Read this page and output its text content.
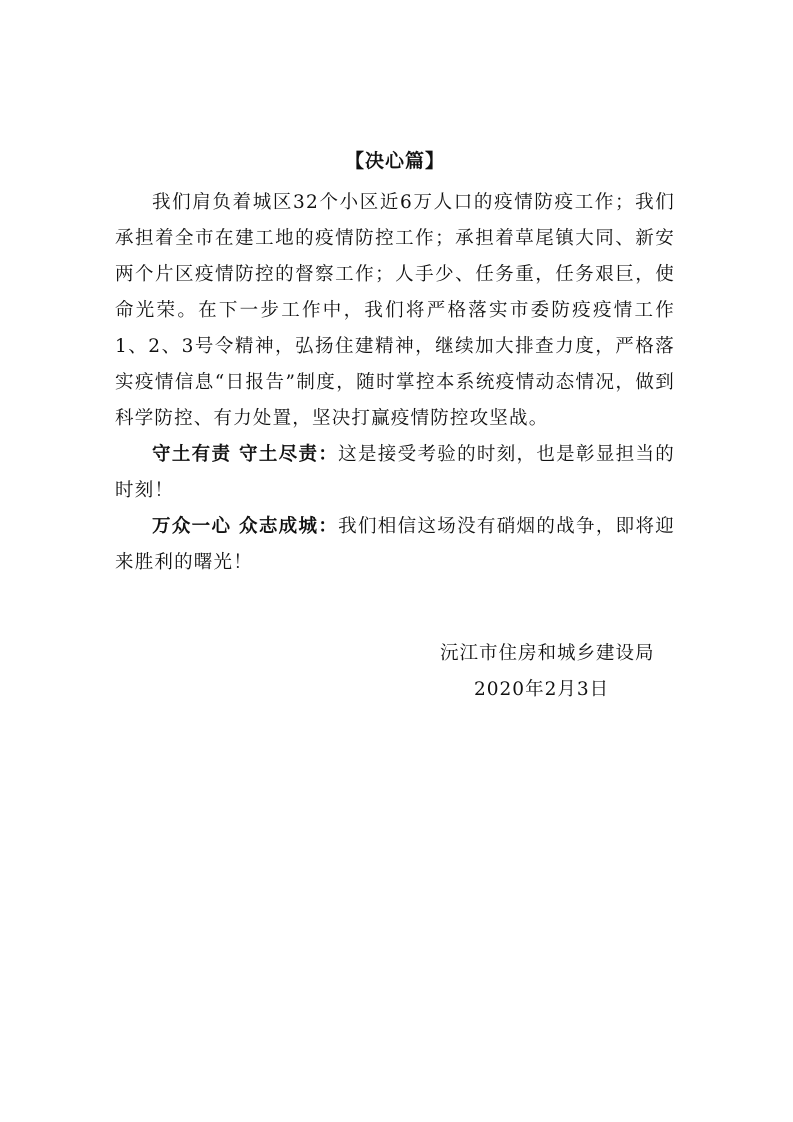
【决心篇】

我们肩负着城区32个小区近6万人口的疫情防疫工作；我们承担着全市在建工地的疫情防控工作；承担着草尾镇大同、新安两个片区疫情防控的督察工作；人手少、任务重，任务艰巨，使命光荣。在下一步工作中，我们将严格落实市委防疫疫情工作1、2、3号令精神，弘扬住建精神，继续加大排查力度，严格落实疫情信息“日报告”制度，随时掌控本系统疫情动态情况，做到科学防控、有力处置，坚决打赢疫情防控攻坚战。

守土有责 守土尽责：这是接受考验的时刻，也是彰显担当的时刻！

万众一心 众志成城：我们相信这场没有硝烟的战争，即将迎来胜利的曙光！

沅江市住房和城乡建设局
2020年2月3日
